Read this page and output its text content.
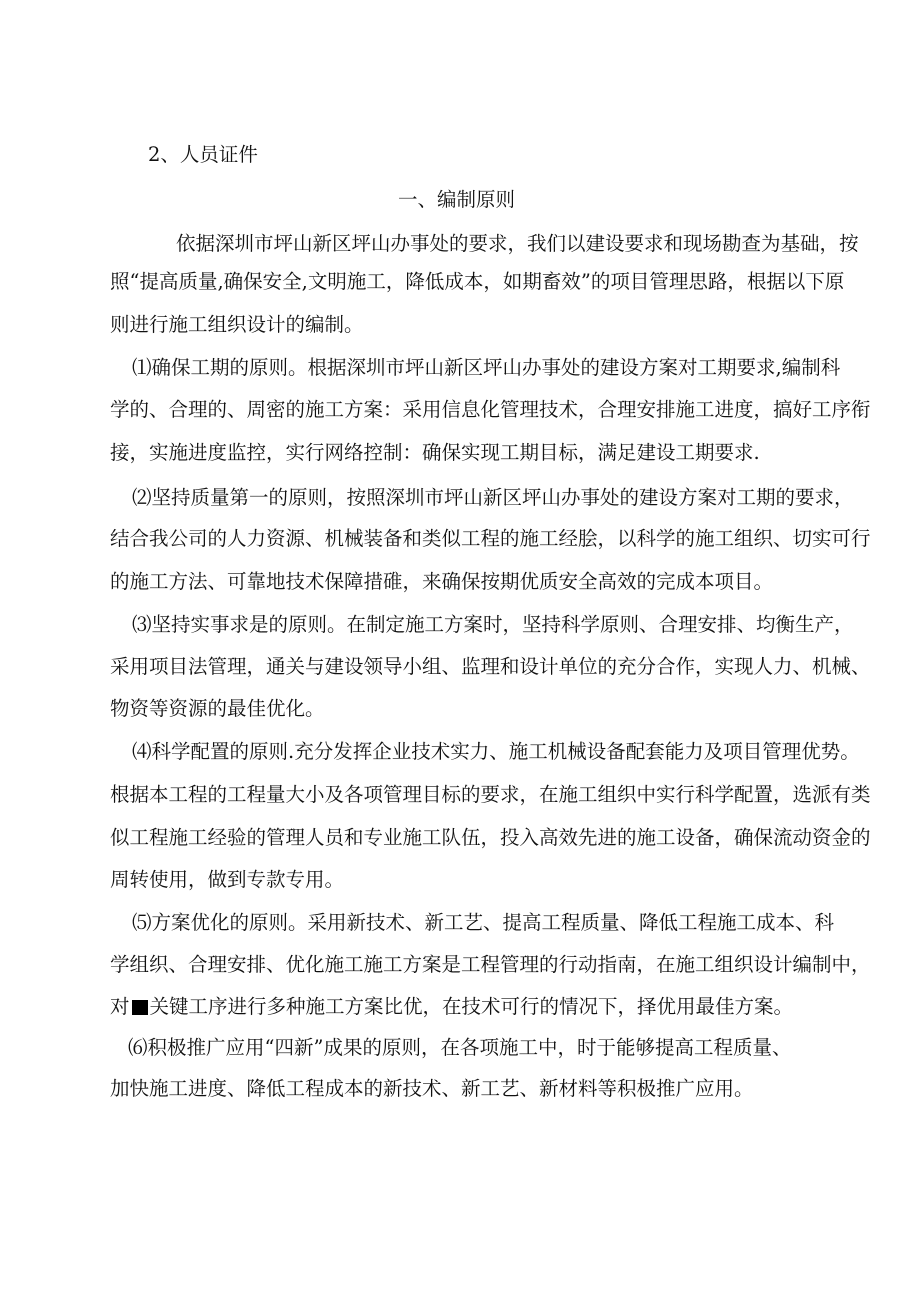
2、人员证件
一、编制原则
依据深圳市坪山新区坪山办事处的要求，我们以建设要求和现场勘查为基础，按
照“提高质量,确保安全,文明施工，降低成本，如期畜效”的项目管理思路，根据以下原
则进行施工组织设计的编制。
⑴确保工期的原则。根据深圳市坪山新区坪山办事处的建设方案对工期要求,编制科
学的、合理的、周密的施工方案：采用信息化管理技术，合理安排施工进度，搞好工序衔
接，实施进度监控，实行网络控制：确保实现工期目标，满足建设工期要求.
⑵坚持质量第一的原则，按照深圳市坪山新区坪山办事处的建设方案对工期的要求，
结合我公司的人力资源、机械装备和类似工程的施工经脍，以科学的施工组织、切实可行
的施工方法、可靠地技术保障措碓，来确保按期优质安全高效的完成本项目。
⑶坚持实事求是的原则。在制定施工方案时，坚持科学原则、合理安排、均衡生产，
采用项目法管理，通关与建设领导小组、监理和设计单位的充分合作，实现人力、机械、
物资等资源的最佳优化。
⑷科学配置的原则.充分发挥企业技术实力、施工机械设备配套能力及项目管理优势。
根据本工程的工程量大小及各项管理目标的要求，在施工组织中实行科学配置，选派有类
似工程施工经验的管理人员和专业施工队伍，投入高效先进的施工设备，确保流动资金的
周转使用，做到专款专用。
⑸方案优化的原则。采用新技术、新工艺、提高工程质量、降低工程施工成本、科
学组织、合理安排、优化施工施工方案是工程管理的行动指南，在施工组织设计编制中，
对 关键工序进行多种施工方案比优，在技术可行的情况下，择优用最佳方案。
⑹积极推广应用“四新”成果的原则，在各项施工中，时于能够提高工程质量、
加快施工进度、降低工程成本的新技术、新工艺、新材料等积极推广应用。
